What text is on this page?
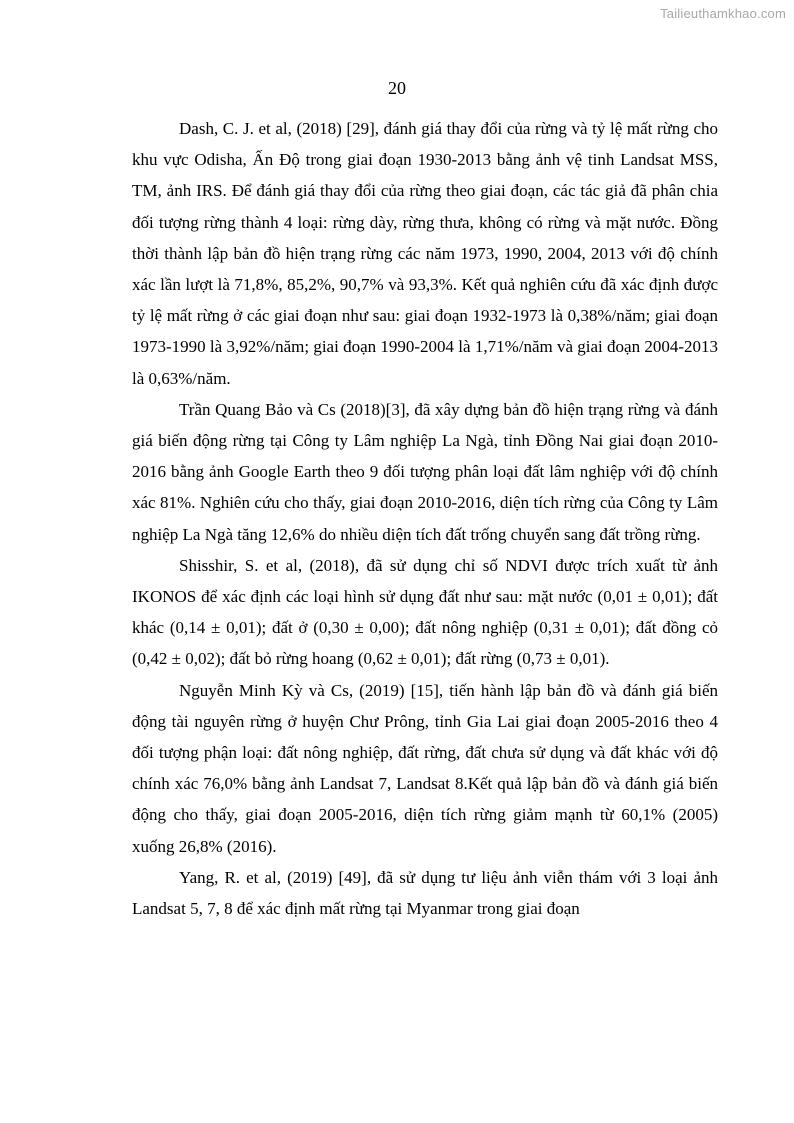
Tailieuthamkhao.com
20

Dash, C. J. et al, (2018) [29], đánh giá thay đổi của rừng và tỷ lệ mất rừng cho khu vực Odisha, Ấn Độ trong giai đoạn 1930-2013 bằng ảnh vệ tinh Landsat MSS, TM, ảnh IRS. Để đánh giá thay đổi của rừng theo giai đoạn, các tác giả đã phân chia đối tượng rừng thành 4 loại: rừng dày, rừng thưa, không có rừng và mặt nước. Đồng thời thành lập bản đồ hiện trạng rừng các năm 1973, 1990, 2004, 2013 với độ chính xác lần lượt là 71,8%, 85,2%, 90,7% và 93,3%. Kết quả nghiên cứu đã xác định được tỷ lệ mất rừng ở các giai đoạn như sau: giai đoạn 1932-1973 là 0,38%/năm; giai đoạn 1973-1990 là 3,92%/năm; giai đoạn 1990-2004 là 1,71%/năm và giai đoạn 2004-2013 là 0,63%/năm.

Trần Quang Bảo và Cs (2018)[3], đã xây dựng bản đồ hiện trạng rừng và đánh giá biến động rừng tại Công ty Lâm nghiệp La Ngà, tỉnh Đồng Nai giai đoạn 2010-2016 bằng ảnh Google Earth theo 9 đối tượng phân loại đất lâm nghiệp với độ chính xác 81%. Nghiên cứu cho thấy, giai đoạn 2010-2016, diện tích rừng của Công ty Lâm nghiệp La Ngà tăng 12,6% do nhiều diện tích đất trống chuyển sang đất trồng rừng.

Shisshir, S. et al, (2018), đã sử dụng chỉ số NDVI được trích xuất từ ảnh IKONOS để xác định các loại hình sử dụng đất như sau: mặt nước (0,01 ± 0,01); đất khác (0,14 ± 0,01); đất ở (0,30 ± 0,00); đất nông nghiệp (0,31 ± 0,01); đất đồng cỏ (0,42 ± 0,02); đất bỏ rừng hoang (0,62 ± 0,01); đất rừng (0,73 ± 0,01).

Nguyễn Minh Kỳ và Cs, (2019) [15], tiến hành lập bản đồ và đánh giá biến động tài nguyên rừng ở huyện Chư Prông, tỉnh Gia Lai giai đoạn 2005-2016 theo 4 đối tượng phận loại: đất nông nghiệp, đất rừng, đất chưa sử dụng và đất khác với độ chính xác 76,0% bằng ảnh Landsat 7, Landsat 8.Kết quả lập bản đồ và đánh giá biến động cho thấy, giai đoạn 2005-2016, diện tích rừng giảm mạnh từ 60,1% (2005) xuống 26,8% (2016).

Yang, R. et al, (2019) [49], đã sử dụng tư liệu ảnh viễn thám với 3 loại ảnh Landsat 5, 7, 8 để xác định mất rừng tại Myanmar trong giai đoạn
